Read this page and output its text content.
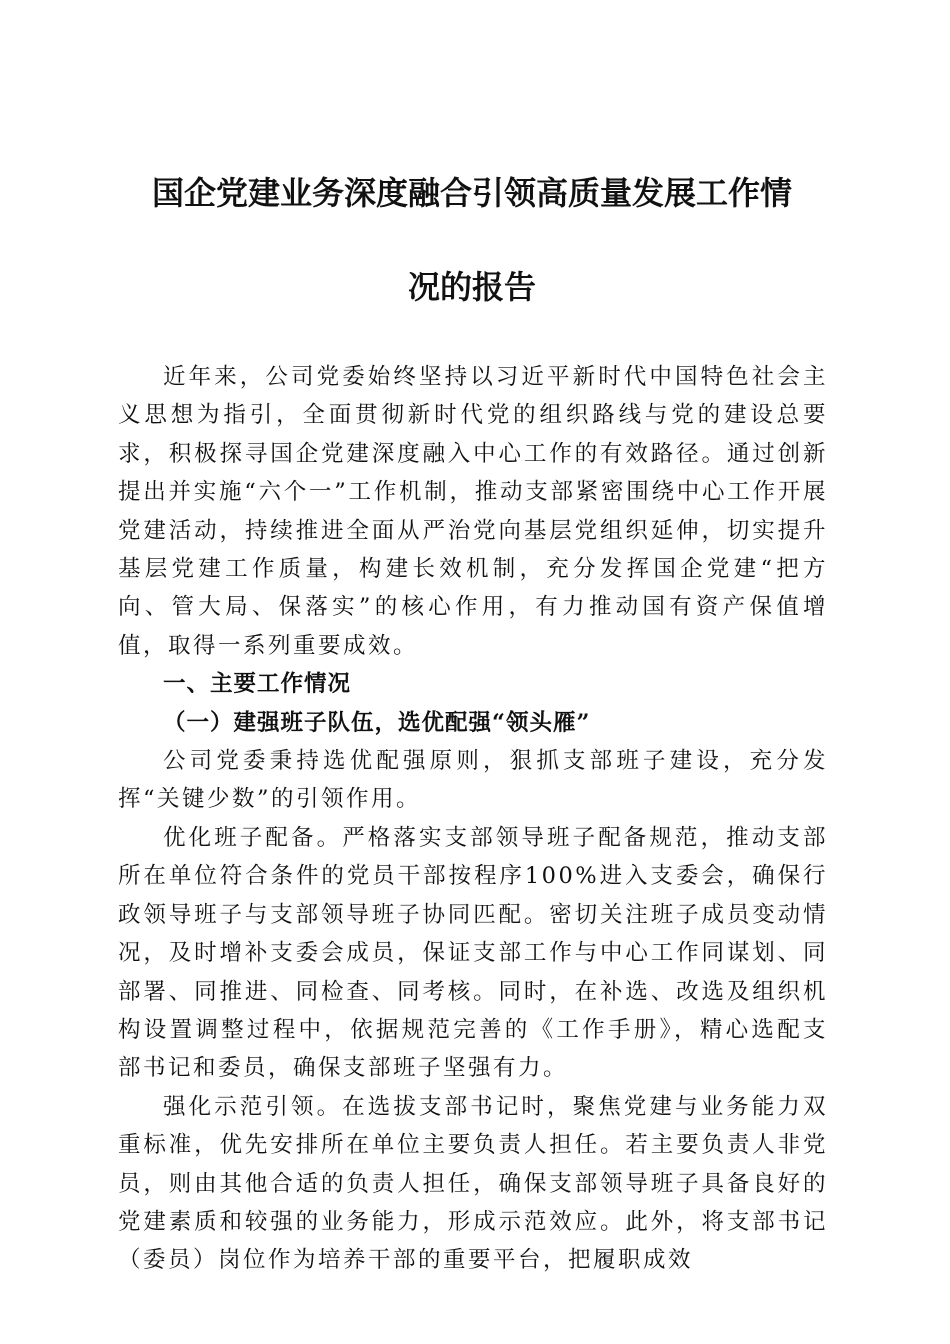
国企党建业务深度融合引领高质量发展工作情
况的报告

近年来，公司党委始终坚持以习近平新时代中国特色社会主义思想为指引，全面贯彻新时代党的组织路线与党的建设总要求，积极探寻国企党建深度融入中心工作的有效路径。通过创新提出并实施“六个一”工作机制，推动支部紧密围绕中心工作开展党建活动，持续推进全面从严治党向基层党组织延伸，切实提升基层党建工作质量，构建长效机制，充分发挥国企党建“把方向、管大局、保落实”的核心作用，有力推动国有资产保值增值，取得一系列重要成效。

一、主要工作情况

（一）建强班子队伍，选优配强“领头雁”

公司党委秉持选优配强原则，狠抓支部班子建设，充分发挥“关键少数”的引领作用。

优化班子配备。严格落实支部领导班子配备规范，推动支部所在单位符合条件的党员干部按程序100%进入支委会，确保行政领导班子与支部领导班子协同匹配。密切关注班子成员变动情况，及时增补支委会成员，保证支部工作与中心工作同谋划、同部署、同推进、同检查、同考核。同时，在补选、改选及组织机构设置调整过程中，依据规范完善的《工作手册》，精心选配支部书记和委员，确保支部班子坚强有力。

强化示范引领。在选拔支部书记时，聚焦党建与业务能力双重标准，优先安排所在单位主要负责人担任。若主要负责人非党员，则由其他合适的负责人担任，确保支部领导班子具备良好的党建素质和较强的业务能力，形成示范效应。此外，将支部书记（委员）岗位作为培养干部的重要平台，把履职成效
